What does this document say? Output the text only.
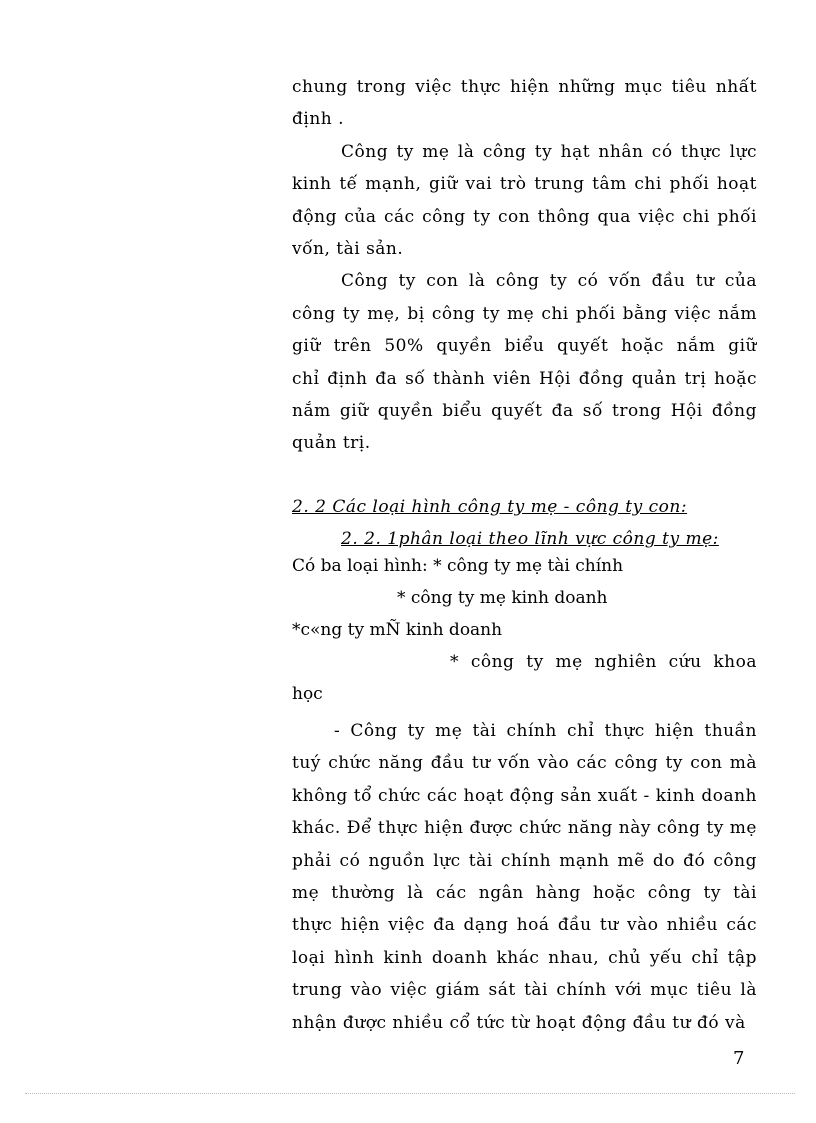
chung trong việc thực hiện những mục tiêu nhất
định .
Công ty mẹ là công ty hạt nhân có thực lực
kinh tế mạnh, giữ vai trò trung tâm chi phối hoạt
động của các công ty con thông qua việc chi phối
vốn, tài sản.
Công ty con là công ty có vốn đầu tư của
công ty mẹ, bị công ty mẹ chi phối bằng việc nắm
giữ trên 50% quyền biểu quyết hoặc nắm giữ
chỉ định đa số thành viên Hội đồng quản trị hoặc
nắm giữ quyền biểu quyết đa số trong Hội đồng
quản trị.
2. 2 Các loại hình công ty mẹ - công ty con:
2. 2. 1phân loại theo lĩnh vực công ty mẹ:
Có ba loại hình: * công ty mẹ tài chính
* công ty mẹ kinh doanh
*c«ng ty mÑ kinh doanh
* công ty mẹ nghiên cứu khoa
học
- Công ty mẹ tài chính chỉ thực hiện thuần
tuý chức năng đầu tư vốn vào các công ty con mà
không tổ chức các hoạt động sản xuất - kinh doanh
khác. Để thực hiện được chức năng này công ty mẹ
phải có nguồn lực tài chính mạnh mẽ do đó công
mẹ thường là các ngân hàng hoặc công ty tài
thực hiện việc đa dạng hoá đầu tư vào nhiều các
loại hình kinh doanh khác nhau, chủ yếu chỉ tập
trung vào việc giám sát tài chính với mục tiêu là
nhận được nhiều cổ tức từ hoạt động đầu tư đó và
7
